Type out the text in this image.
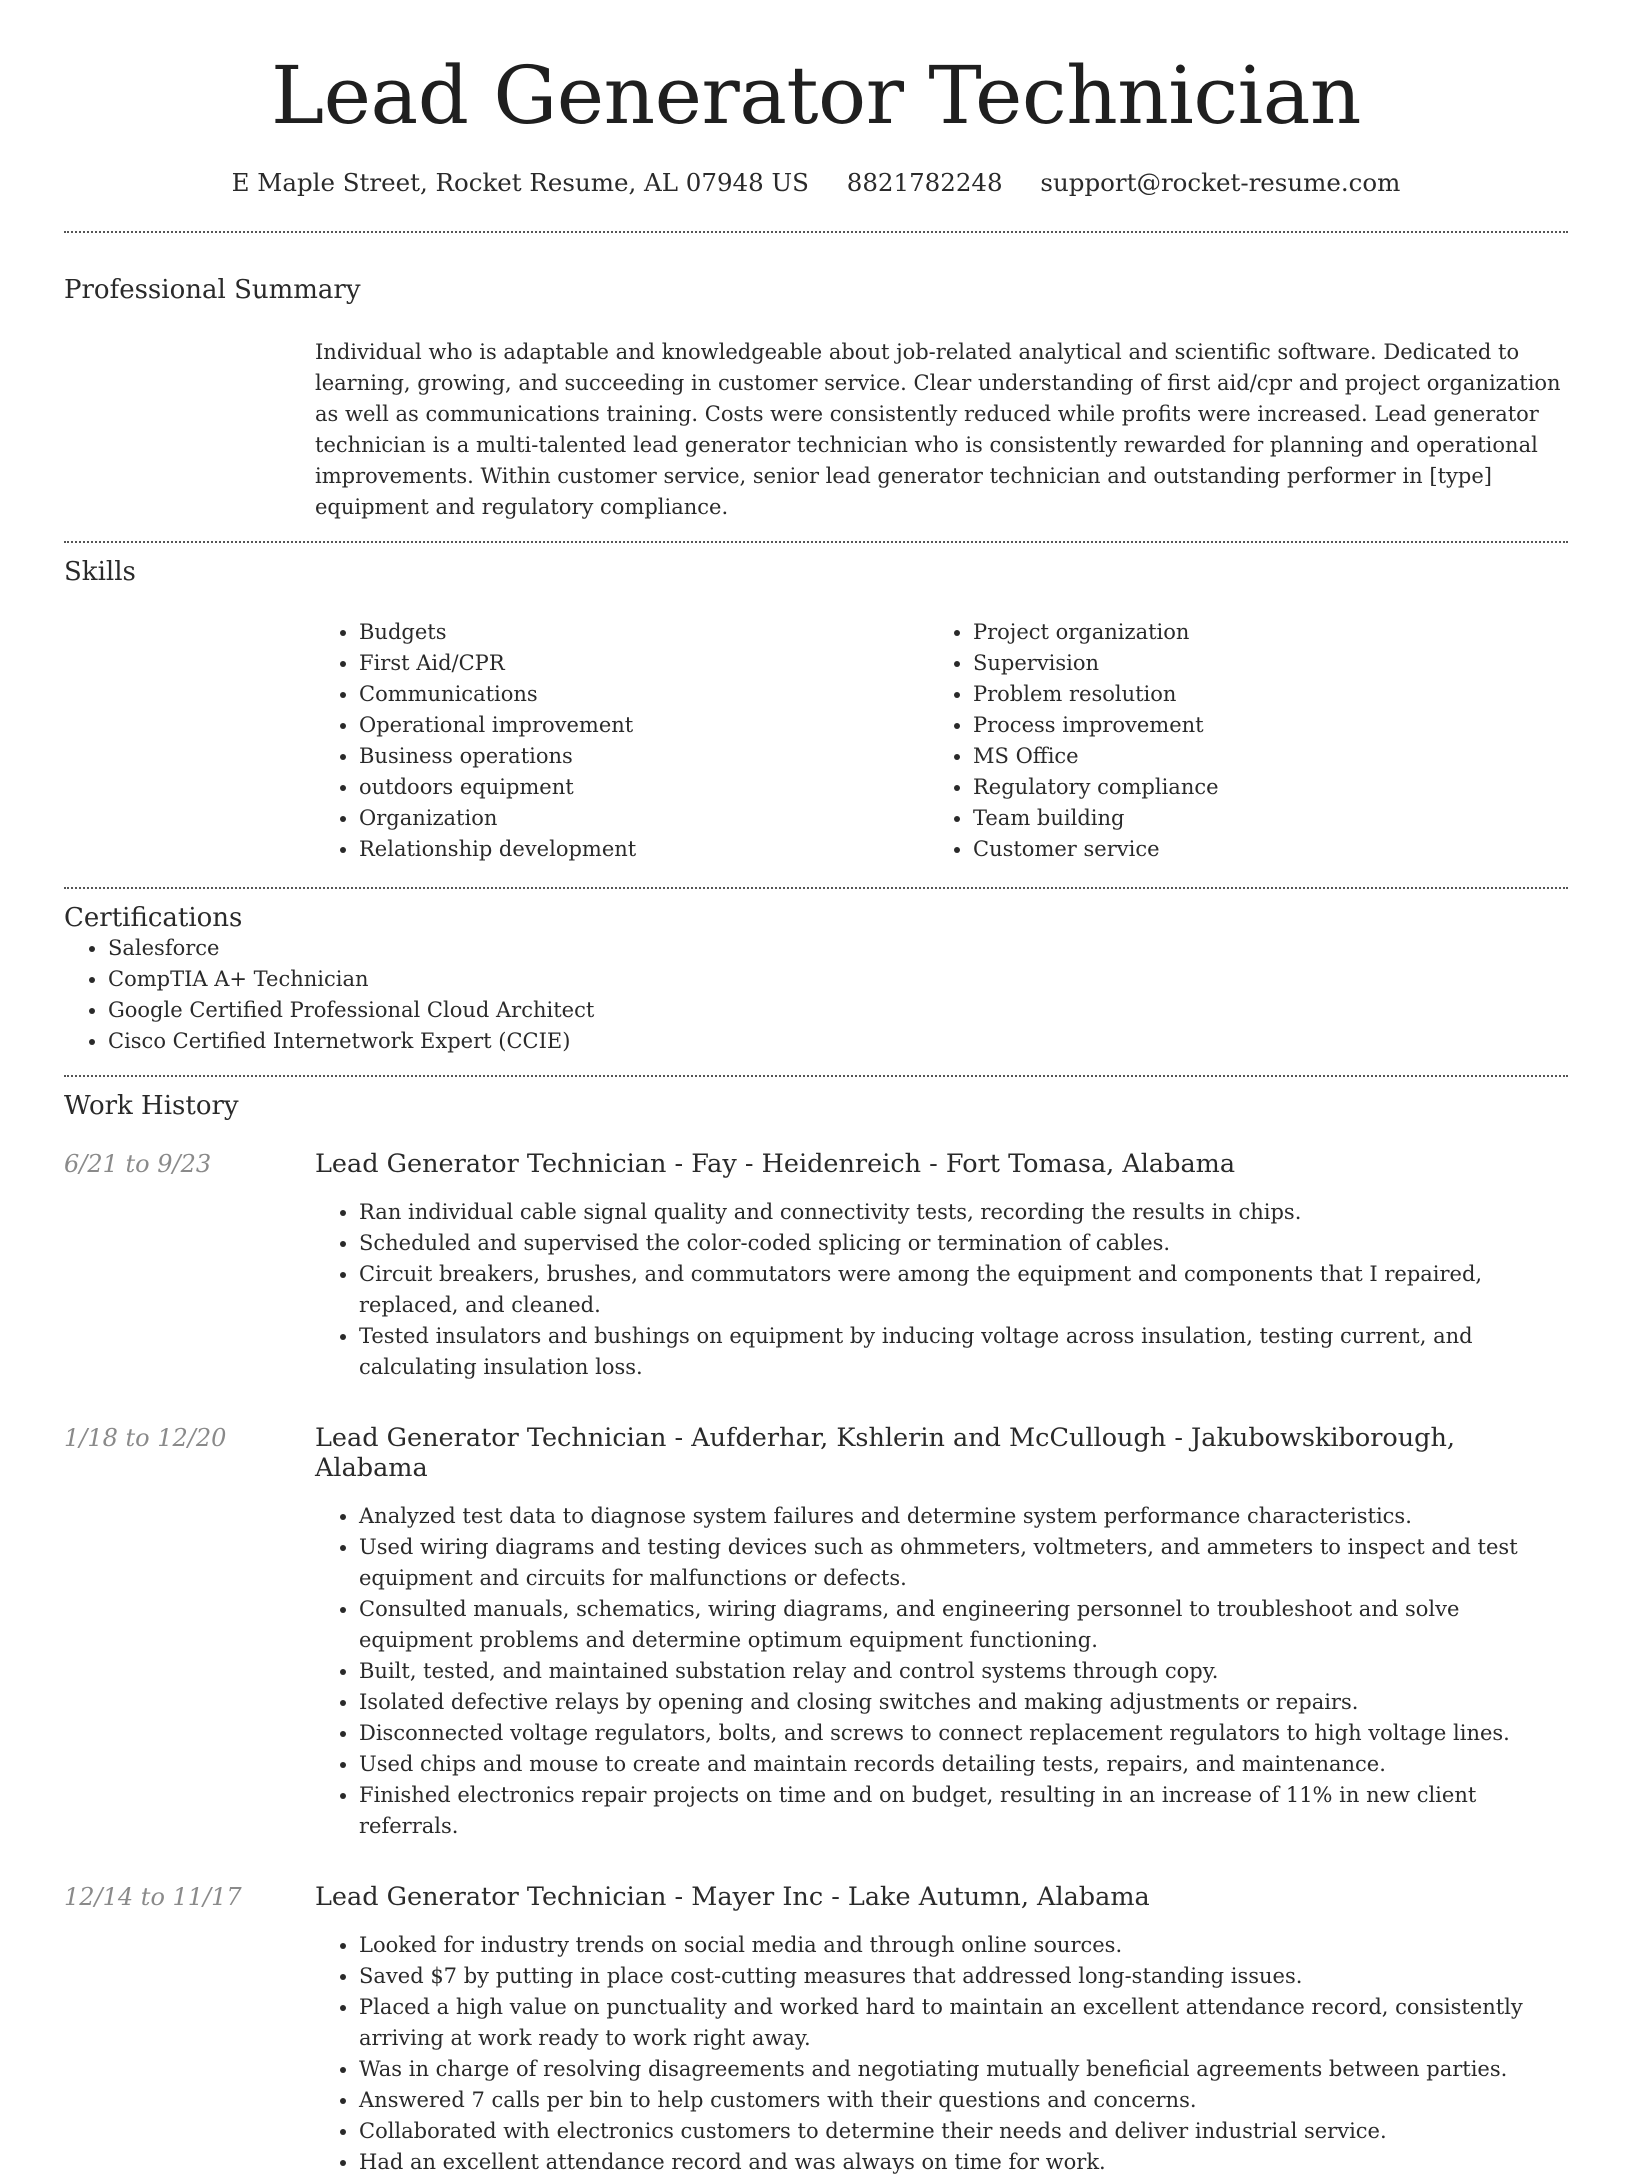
Lead Generator Technician
E Maple Street, Rocket Resume, AL 07948 US 8821782248 support@rocket-resume.com
Professional Summary

Individual who is adaptable and knowledgeable about job-related analytical and scientific software. Dedicated to learning, growing, and succeeding in customer service. Clear understanding of first aid/cpr and project organization as well as communications training. Costs were consistently reduced while profits were increased. Lead generator technician is a multi-talented lead generator technician who is consistently rewarded for planning and operational improvements. Within customer service, senior lead generator technician and outstanding performer in [type] equipment and regulatory compliance.

Skills
• Budgets
• First Aid/CPR
• Communications
• Operational improvement
• Business operations
• outdoors equipment
• Organization
• Relationship development
• Project organization
• Supervision
• Problem resolution
• Process improvement
• MS Office
• Regulatory compliance
• Team building
• Customer service
Certifications
• Salesforce
• CompTIA A+ Technician
• Google Certified Professional Cloud Architect
• Cisco Certified Internetwork Expert (CCIE)
Work History
6/21 to 9/23	Lead Generator Technician - Fay - Heidenreich - Fort Tomasa, Alabama
• Ran individual cable signal quality and connectivity tests, recording the results in chips.
• Scheduled and supervised the color-coded splicing or termination of cables.
• Circuit breakers, brushes, and commutators were among the equipment and components that I repaired, replaced, and cleaned.
• Tested insulators and bushings on equipment by inducing voltage across insulation, testing current, and calculating insulation loss.
1/18 to 12/20	Lead Generator Technician - Aufderhar, Kshlerin and McCullough - Jakubowskiborough, Alabama
• Analyzed test data to diagnose system failures and determine system performance characteristics.
• Used wiring diagrams and testing devices such as ohmmeters, voltmeters, and ammeters to inspect and test equipment and circuits for malfunctions or defects.
• Consulted manuals, schematics, wiring diagrams, and engineering personnel to troubleshoot and solve equipment problems and determine optimum equipment functioning.
• Built, tested, and maintained substation relay and control systems through copy.
• Isolated defective relays by opening and closing switches and making adjustments or repairs.
• Disconnected voltage regulators, bolts, and screws to connect replacement regulators to high voltage lines.
• Used chips and mouse to create and maintain records detailing tests, repairs, and maintenance.
• Finished electronics repair projects on time and on budget, resulting in an increase of 11% in new client referrals.
12/14 to 11/17	Lead Generator Technician - Mayer Inc - Lake Autumn, Alabama
• Looked for industry trends on social media and through online sources.
• Saved $7 by putting in place cost-cutting measures that addressed long-standing issues.
• Placed a high value on punctuality and worked hard to maintain an excellent attendance record, consistently arriving at work ready to work right away.
• Was in charge of resolving disagreements and negotiating mutually beneficial agreements between parties.
• Answered 7 calls per bin to help customers with their questions and concerns.
• Collaborated with electronics customers to determine their needs and deliver industrial service.
• Had an excellent attendance record and was always on time for work.
